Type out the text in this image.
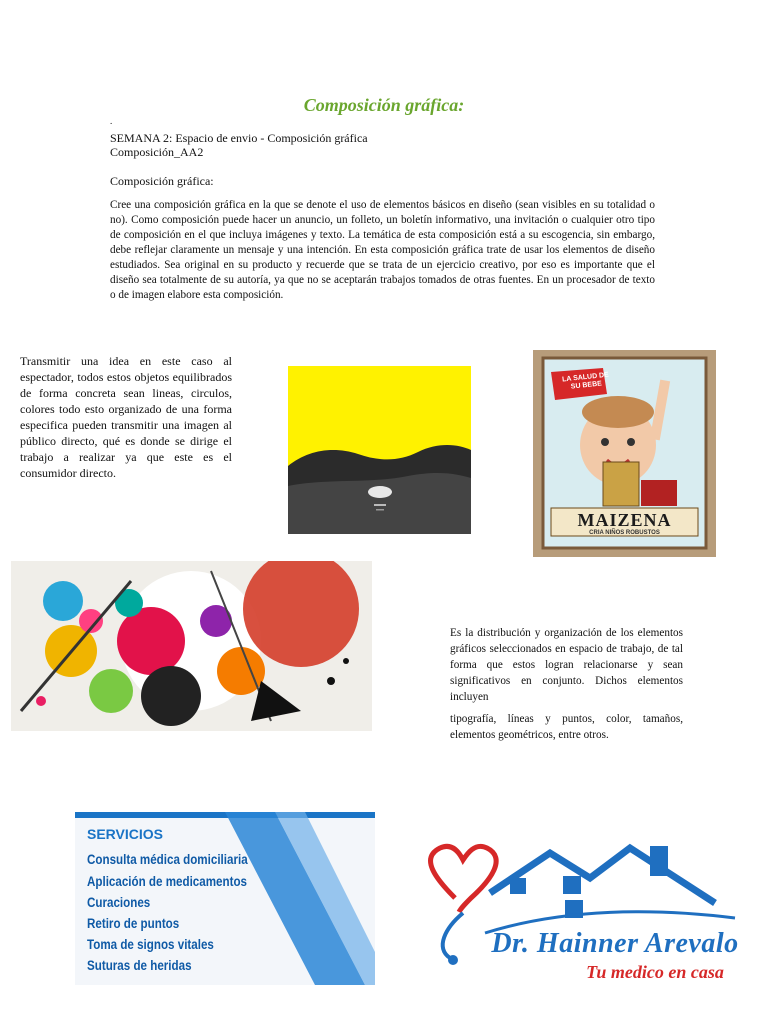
Composición gráfica:
.
SEMANA 2: Espacio de envio - Composición gráfica
Composición_AA2
Composición gráfica:
Cree una composición gráfica en la que se denote el uso de elementos básicos en diseño (sean visibles en su totalidad o no). Como composición puede hacer un anuncio, un folleto, un boletín informativo, una invitación o cualquier otro tipo de composición en el que incluya imágenes y texto. La temática de esta composición está a su escogencia, sin embargo, debe reflejar claramente un mensaje y una intención. En esta composición gráfica trate de usar los elementos de diseño estudiados. Sea original en su producto y recuerde que se trata de un ejercicio creativo, por eso es importante que el diseño sea totalmente de su autoría, ya que no se aceptarán trabajos tomados de otras fuentes. En un procesador de texto o de imagen elabore esta composición.
Transmitir una idea en este caso al espectador, todos estos objetos equilibrados de forma concreta sean lineas, circulos, colores todo esto organizado de una forma especifica pueden transmitir una imagen al público directo, qué es donde se dirige el trabajo a realizar ya que este es el consumidor directo.
LA SALUD DE SU BEBE
MAIZENA
CRIA NIÑOS ROBUSTOS
Es la distribución y organización de los elementos gráficos seleccionados en espacio de trabajo, de tal forma que estos logran relacionarse y sean significativos en conjunto. Dichos elementos incluyen
tipografía, líneas y puntos, color, tamaños, elementos geométricos, entre otros.
SERVICIOS
Consulta médica domiciliaria
Aplicación de medicamentos
Curaciones
Retiro de puntos
Toma de signos vitales
Suturas de heridas
Dr. Hainner Arevalo
Tu medico en casa
